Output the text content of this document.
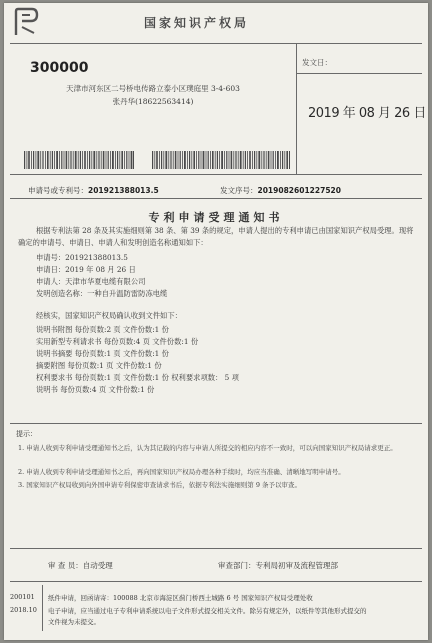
国家知识产权局
300000
天津市河东区二号桥电传路立泰小区璞庭里 3-4-603
张丹华(18622563414)
发文日：
2019 年 08 月 26 日
申请号或专利号：201921388013.5	发文序号：2019082601227520
专利申请受理通知书
根据专利法第 28 条及其实施细则第 38 条、第 39 条的规定，申请人提出的专利申请已由国家知识产权局受理。现将确定的申请号、申请日、申请人和发明创造名称通知如下：
申请号：201921388013.5
申请日：2019 年 08 月 26 日
申请人：天津市华夏电缆有限公司
发明创造名称：一种自升温防雷防冻电缆
经核实，国家知识产权局确认收到文件如下：
说明书附图 每份页数:2 页 文件份数:1 份
实用新型专利请求书 每份页数:4 页 文件份数:1 份
说明书摘要 每份页数:1 页 文件份数:1 份
摘要附图 每份页数:1 页 文件份数:1 份
权利要求书 每份页数:1 页 文件份数:1 份 权利要求项数： 5 项
说明书 每份页数:4 页 文件份数:1 份
提示：
1. 申请人收到专利申请受理通知书之后，认为其记载的内容与申请人所提交的相应内容不一致时，可以向国家知识产权局请求更正。
2. 申请人收到专利申请受理通知书之后，再向国家知识产权局办理各种手续时，均应当准确、清晰地写明申请号。
3. 国家知识产权局收到向外国申请专利保密审查请求书后，依据专利法实施细则第 9 条予以审查。
审 查 员：自动受理	审查部门：专利局初审及流程管理部
200101
2018.10
纸件申请，回函请寄：100088 北京市海淀区蓟门桥西土城路 6 号 国家知识产权局受理处收
电子申请，应当通过电子专利申请系统以电子文件形式提交相关文件。除另有规定外，以纸件等其他形式提交的
文件视为未提交。
